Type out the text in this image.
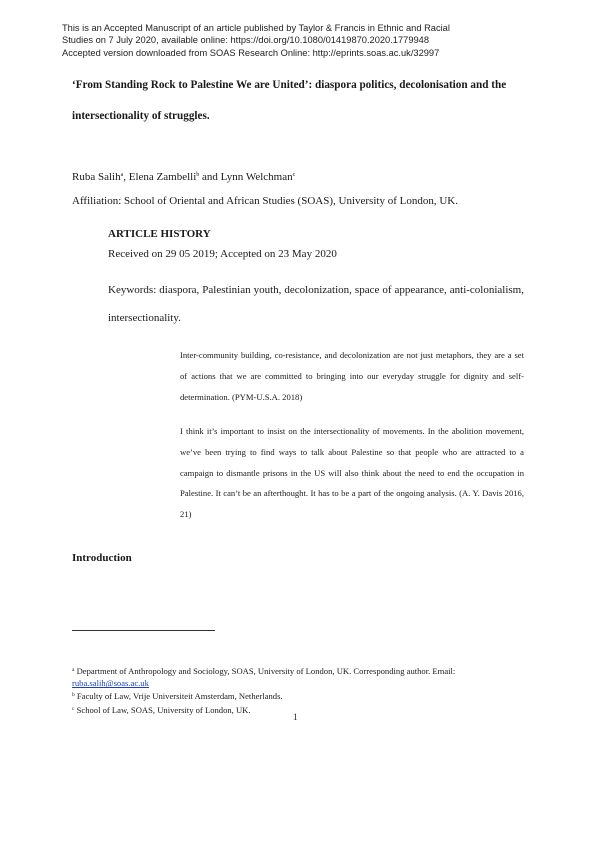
This is an Accepted Manuscript of an article published by Taylor & Francis in Ethnic and Racial
Studies on 7 July 2020, available online: https://doi.org/10.1080/01419870.2020.1779948
Accepted version downloaded from SOAS Research Online: http://eprints.soas.ac.uk/32997
‘From Standing Rock to Palestine We are United’: diaspora politics, decolonisation and the intersectionality of struggles.
Ruba Salih$^a$, Elena Zambelli$^b$ and Lynn Welchman$^c$
Affiliation: School of Oriental and African Studies (SOAS), University of London, UK.
ARTICLE HISTORY
Received on 29 05 2019; Accepted on 23 May 2020
Keywords: diaspora, Palestinian youth, decolonization, space of appearance, anti-colonialism, intersectionality.
Inter-community building, co-resistance, and decolonization are not just metaphors, they are a set of actions that we are committed to bringing into our everyday struggle for dignity and self-determination. (PYM-U.S.A. 2018)
I think it’s important to insist on the intersectionality of movements. In the abolition movement, we’ve been trying to find ways to talk about Palestine so that people who are attracted to a campaign to dismantle prisons in the US will also think about the need to end the occupation in Palestine. It can’t be an afterthought. It has to be a part of the ongoing analysis. (A. Y. Davis 2016, 21)
Introduction
$^a$ Department of Anthropology and Sociology, SOAS, University of London, UK. Corresponding author. Email: ruba.salih@soas.ac.uk
$^b$ Faculty of Law, Vrije Universiteit Amsterdam, Netherlands.
$^c$ School of Law, SOAS, University of London, UK.
1
